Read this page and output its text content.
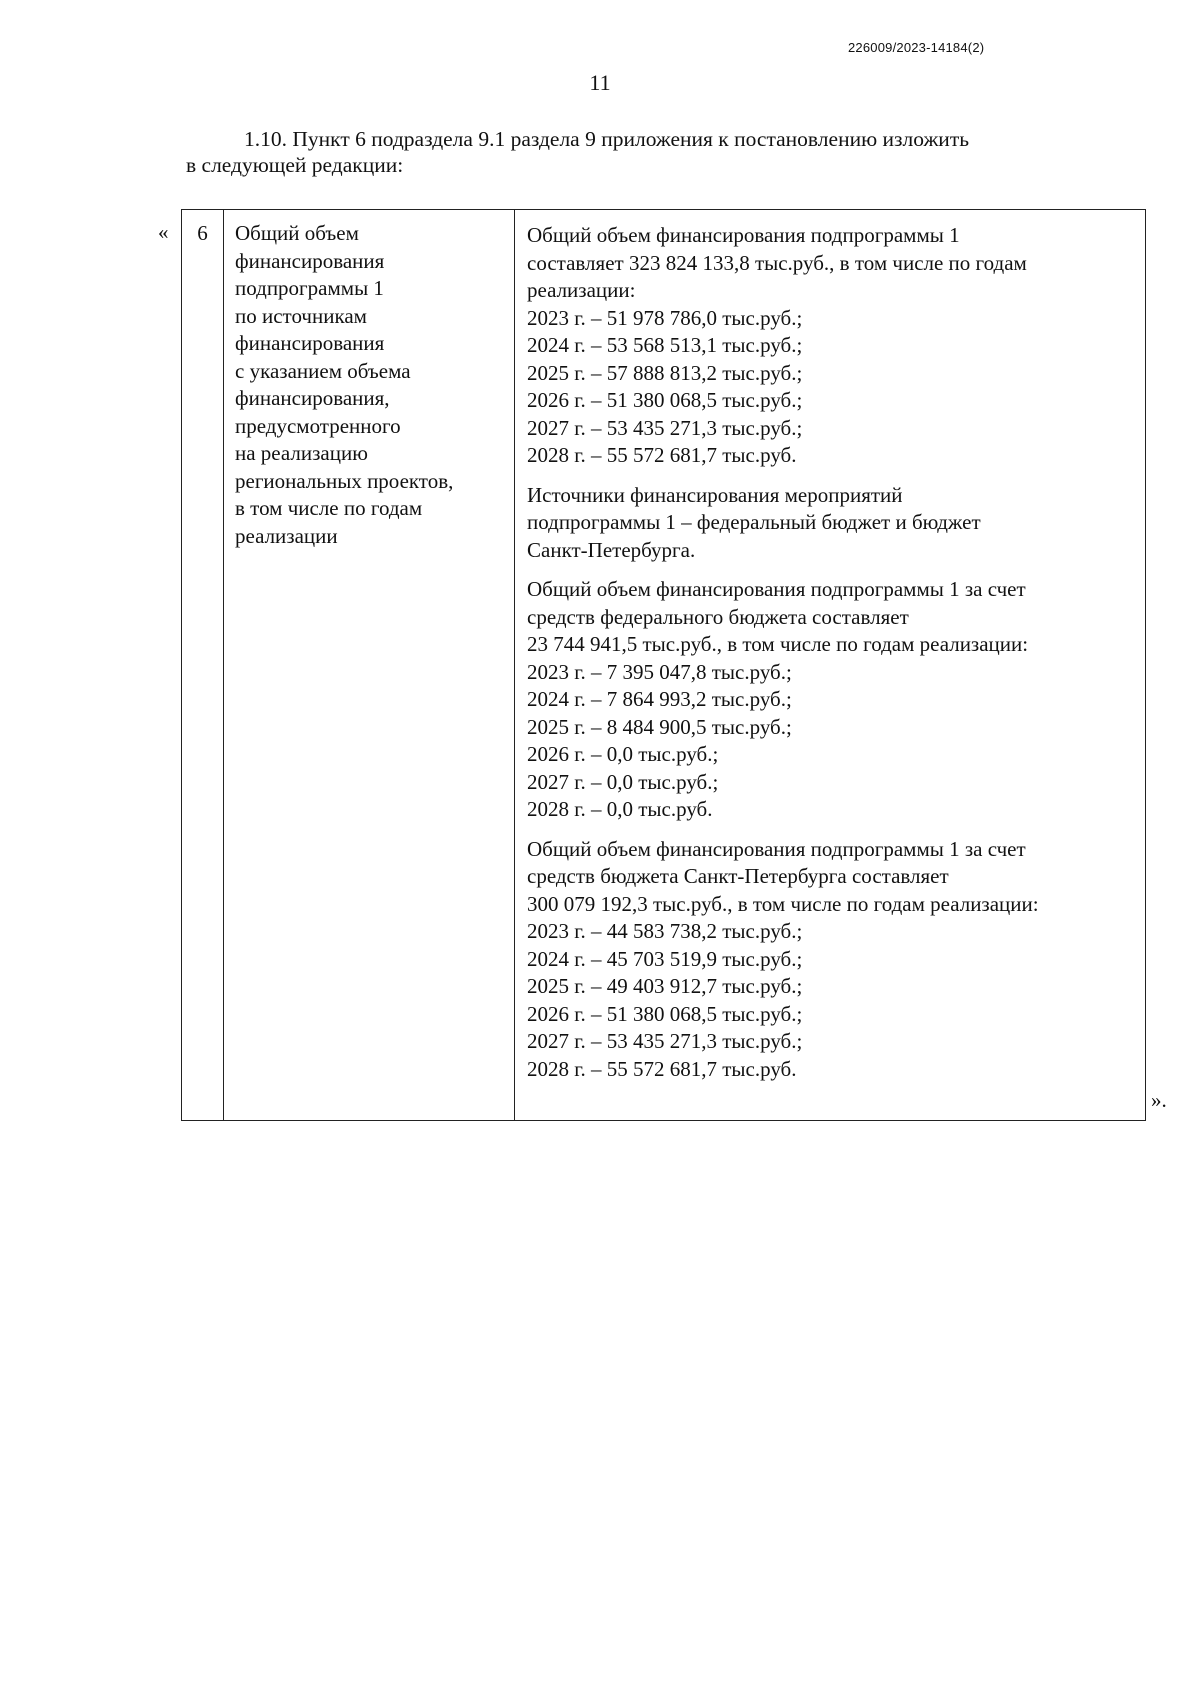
226009/2023-14184(2)
11
1.10. Пункт 6 подраздела 9.1 раздела 9 приложения к постановлению изложить
в следующей редакции:
«	6	Общий объем
финансирования
подпрограммы 1
по источникам
финансирования
с указанием объема
финансирования,
предусмотренного
на реализацию
региональных проектов,
в том числе по годам
реализации
Общий объем финансирования подпрограммы 1
составляет 323 824 133,8 тыс.руб., в том числе по годам
реализации:
2023 г. – 51 978 786,0 тыс.руб.;
2024 г. – 53 568 513,1 тыс.руб.;
2025 г. – 57 888 813,2 тыс.руб.;
2026 г. – 51 380 068,5 тыс.руб.;
2027 г. – 53 435 271,3 тыс.руб.;
2028 г. – 55 572 681,7 тыс.руб.
Источники финансирования мероприятий
подпрограммы 1 – федеральный бюджет и бюджет
Санкт-Петербурга.
Общий объем финансирования подпрограммы 1 за счет
средств федерального бюджета составляет
23 744 941,5 тыс.руб., в том числе по годам реализации:
2023 г. – 7 395 047,8 тыс.руб.;
2024 г. – 7 864 993,2 тыс.руб.;
2025 г. – 8 484 900,5 тыс.руб.;
2026 г. – 0,0 тыс.руб.;
2027 г. – 0,0 тыс.руб.;
2028 г. – 0,0 тыс.руб.
Общий объем финансирования подпрограммы 1 за счет
средств бюджета Санкт-Петербурга составляет
300 079 192,3 тыс.руб., в том числе по годам реализации:
2023 г. – 44 583 738,2 тыс.руб.;
2024 г. – 45 703 519,9 тыс.руб.;
2025 г. – 49 403 912,7 тыс.руб.;
2026 г. – 51 380 068,5 тыс.руб.;
2027 г. – 53 435 271,3 тыс.руб.;
2028 г. – 55 572 681,7 тыс.руб.
».
